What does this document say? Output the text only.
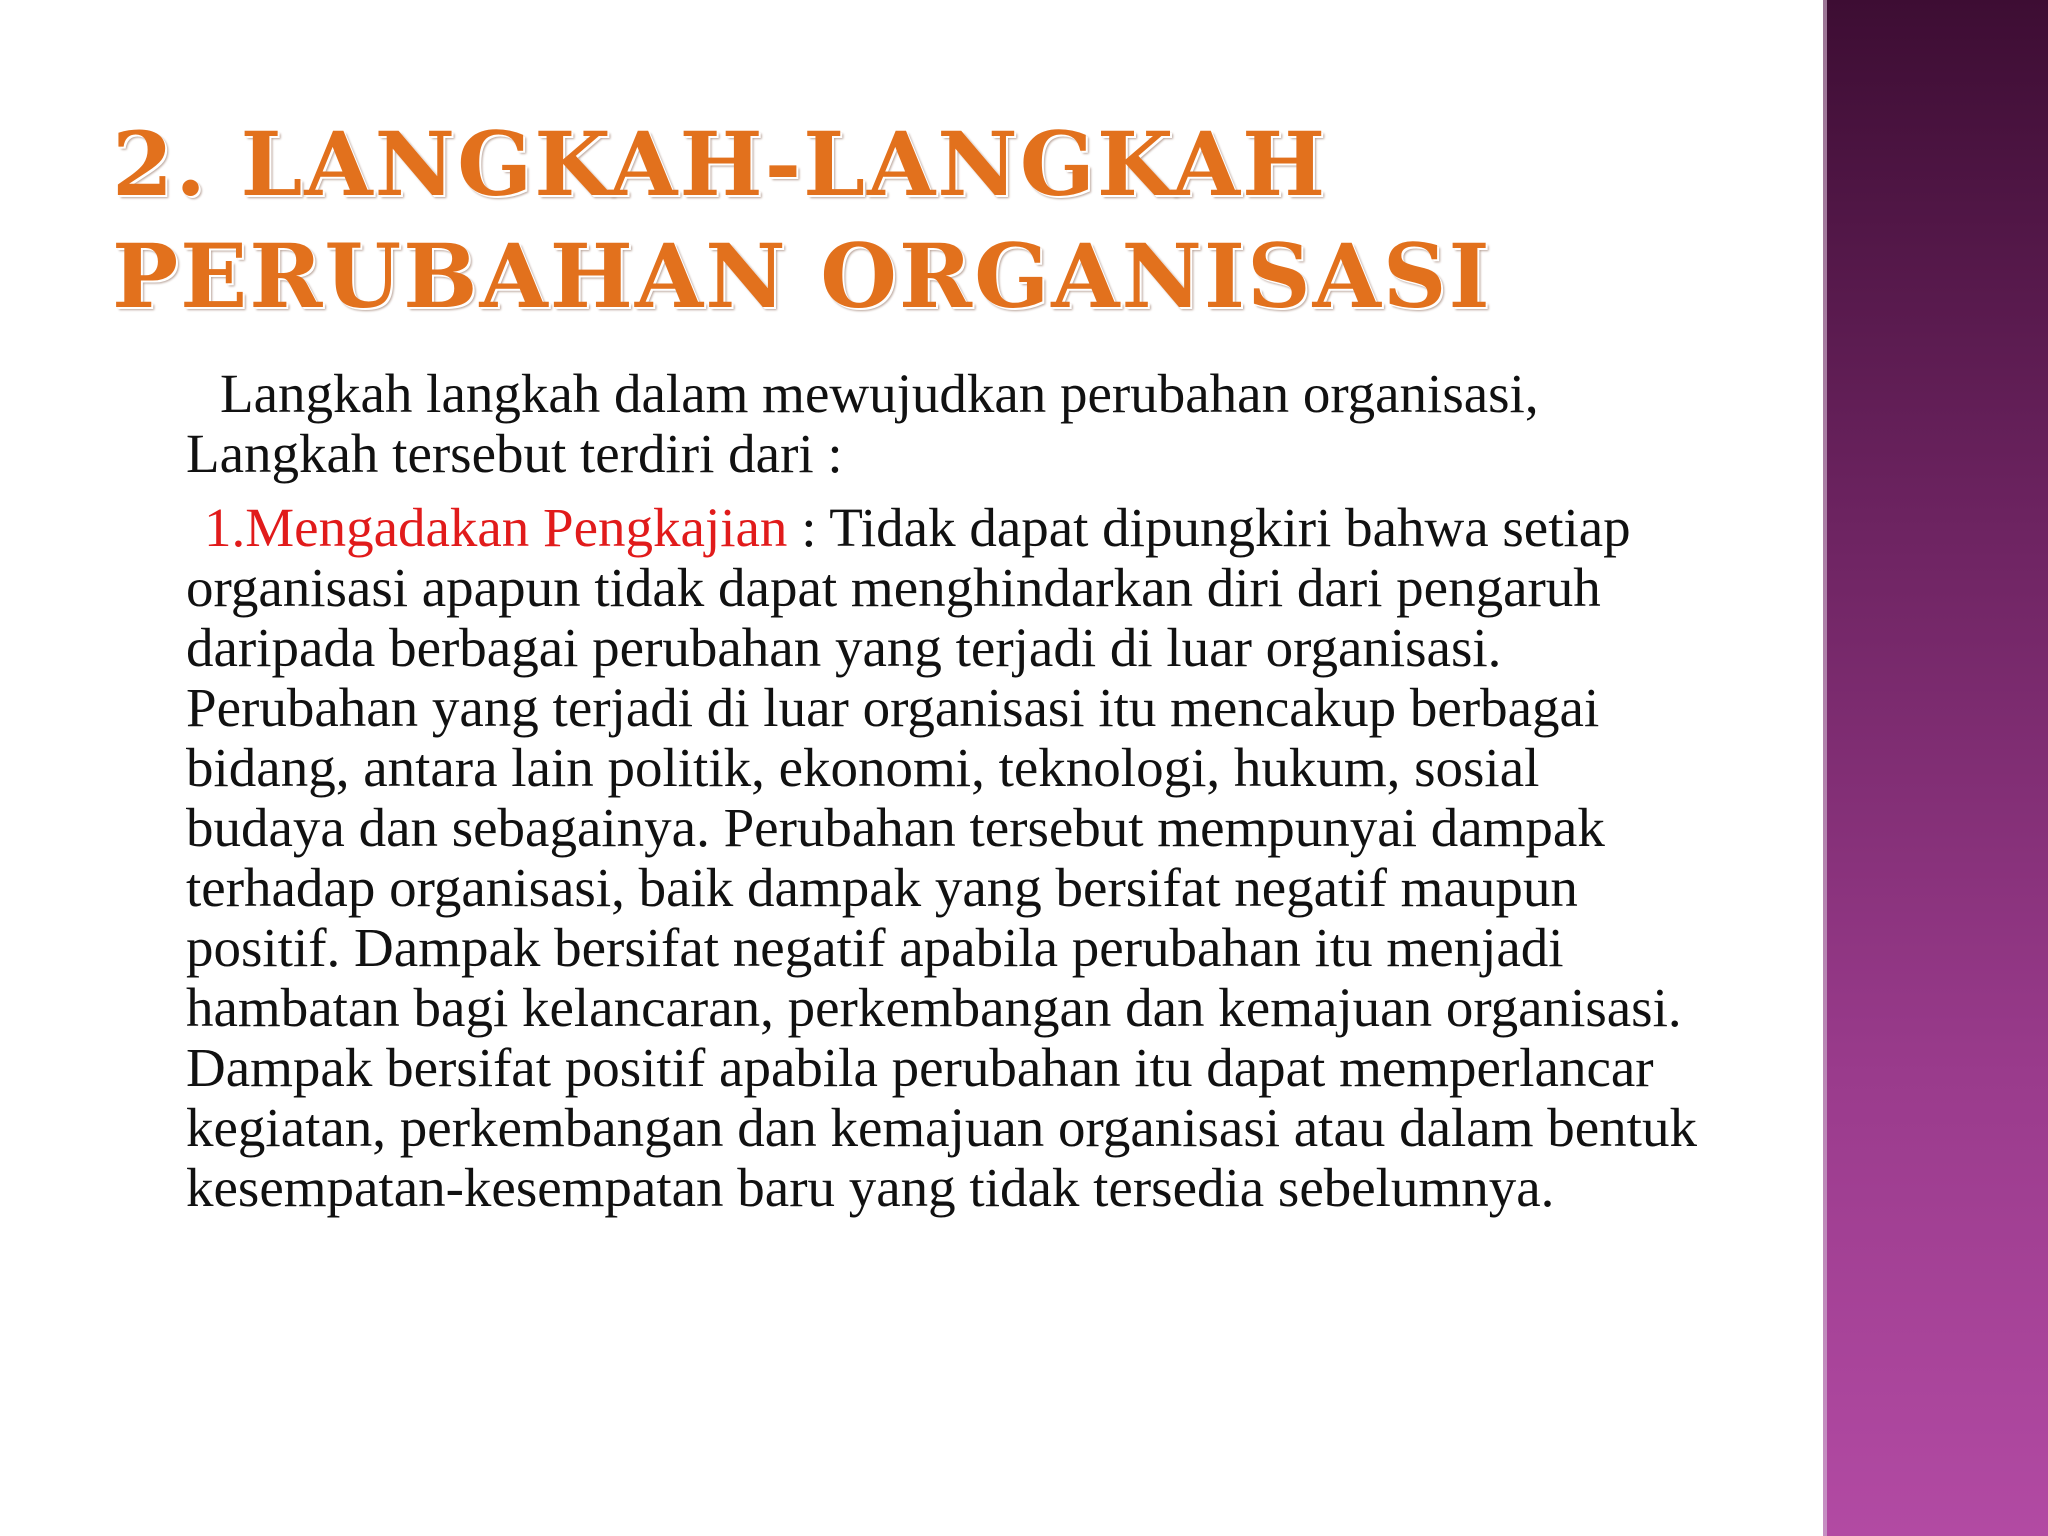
2. LANGKAH-LANGKAH
PERUBAHAN ORGANISASI

Langkah langkah dalam mewujudkan perubahan organisasi, Langkah tersebut terdiri dari :

1.Mengadakan Pengkajian : Tidak dapat dipungkiri bahwa setiap organisasi apapun tidak dapat menghindarkan diri dari pengaruh daripada berbagai perubahan yang terjadi di luar organisasi. Perubahan yang terjadi di luar organisasi itu mencakup berbagai bidang, antara lain politik, ekonomi, teknologi, hukum, sosial budaya dan sebagainya. Perubahan tersebut mempunyai dampak terhadap organisasi, baik dampak yang bersifat negatif maupun positif. Dampak bersifat negatif apabila perubahan itu menjadi hambatan bagi kelancaran, perkembangan dan kemajuan organisasi. Dampak bersifat positif apabila perubahan itu dapat memperlancar kegiatan, perkembangan dan kemajuan organisasi atau dalam bentuk kesempatan-kesempatan baru yang tidak tersedia sebelumnya.
